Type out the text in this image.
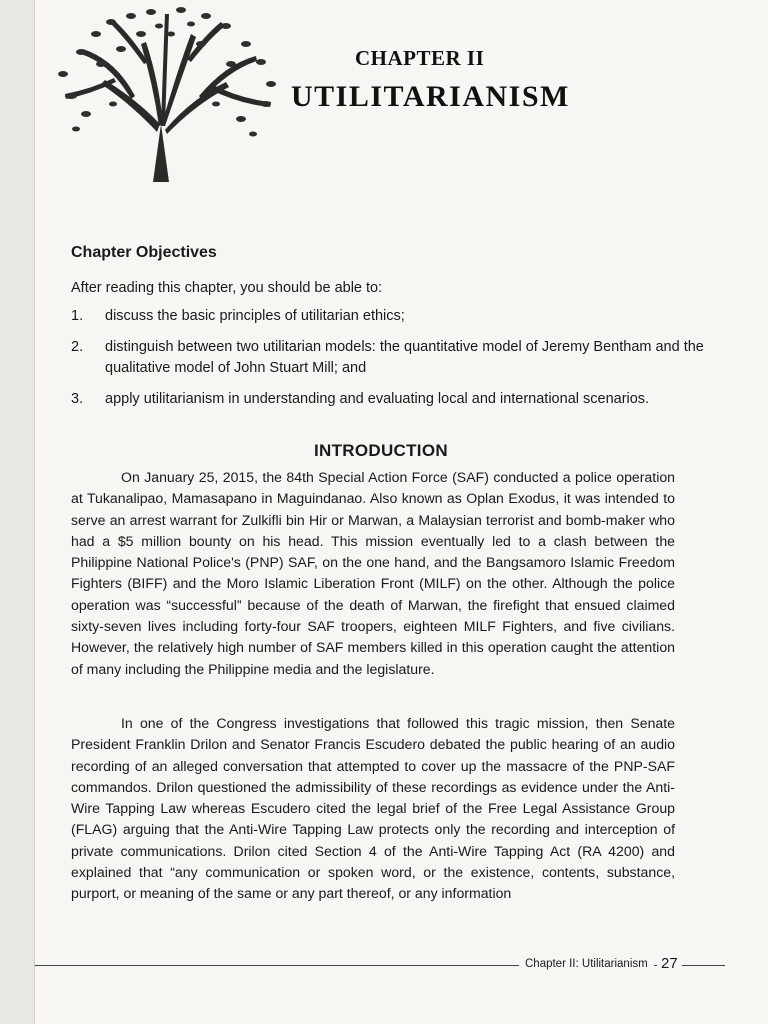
CHAPTER II
UTILITARIANISM
Chapter Objectives
After reading this chapter, you should be able to:
1. discuss the basic principles of utilitarian ethics;
2. distinguish between two utilitarian models: the quantitative model of Jeremy Bentham and the qualitative model of John Stuart Mill; and
3. apply utilitarianism in understanding and evaluating local and international scenarios.
INTRODUCTION

On January 25, 2015, the 84th Special Action Force (SAF) conducted a police operation at Tukanalipao, Mamasapano in Maguindanao. Also known as Oplan Exodus, it was intended to serve an arrest warrant for Zulkifli bin Hir or Marwan, a Malaysian terrorist and bomb-maker who had a $5 million bounty on his head. This mission eventually led to a clash between the Philippine National Police's (PNP) SAF, on the one hand, and the Bangsamoro Islamic Freedom Fighters (BIFF) and the Moro Islamic Liberation Front (MILF) on the other. Although the police operation was “successful” because of the death of Marwan, the firefight that ensued claimed sixty-seven lives including forty-four SAF troopers, eighteen MILF Fighters, and five civilians. However, the relatively high number of SAF members killed in this operation caught the attention of many including the Philippine media and the legislature.

In one of the Congress investigations that followed this tragic mission, then Senate President Franklin Drilon and Senator Francis Escudero debated the public hearing of an audio recording of an alleged conversation that attempted to cover up the massacre of the PNP-SAF commandos. Drilon questioned the admissibility of these recordings as evidence under the Anti-Wire Tapping Law whereas Escudero cited the legal brief of the Free Legal Assistance Group (FLAG) arguing that the Anti-Wire Tapping Law protects only the recording and interception of private communications. Drilon cited Section 4 of the Anti-Wire Tapping Act (RA 4200) and explained that “any communication or spoken word, or the existence, contents, substance, purport, or meaning of the same or any part thereof, or any information

Chapter II: Utilitarianism 27
